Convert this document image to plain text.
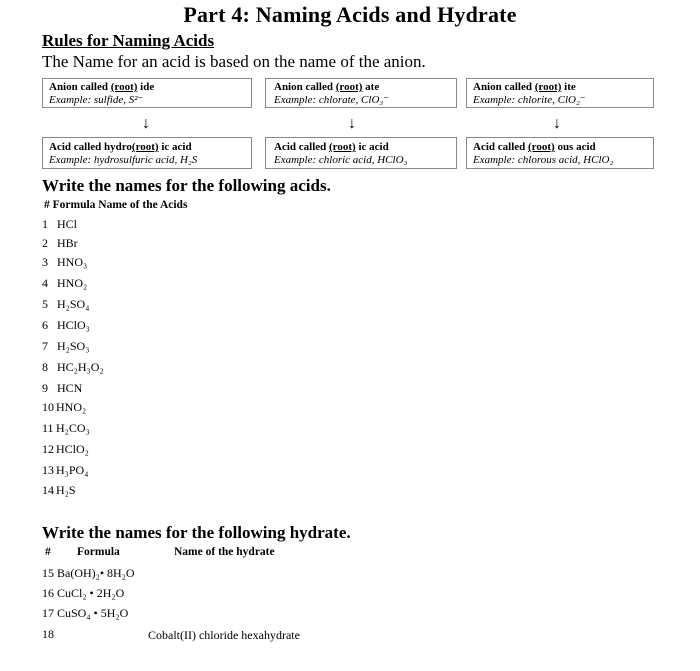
Part 4: Naming Acids and Hydrate
Rules for Naming Acids
The Name for an acid is based on the name of the anion.
Anion called (root) ide
Example: sulfide, S²⁻
↓
Acid called hydro(root) ic acid
Example: hydrosulfuric acid, H₂S
Anion called (root) ate
Example: chlorate, ClO₃⁻
↓
Acid called (root) ic acid
Example: chloric acid, HClO₃
Anion called (root) ite
Example: chlorite, ClO₂⁻
↓
Acid called (root) ous acid
Example: chlorous acid, HClO₂
Write the names for the following acids.
# Formula Name of the Acids
1 HCl
2 HBr
3 HNO₃
4 HNO₂
5 H₂SO₄
6 HClO₃
7 H₂SO₃
8 HC₂H₃O₂
9 HCN
10 HNO₂
11 H₂CO₃
12 HClO₂
13 H₃PO₄
14 H₂S
Write the names for the following hydrate.
# Formula	Name of the hydrate
15 Ba(OH)₂• 8H₂O
16 CuCl₂ • 2H₂O
17 CuSO₄ • 5H₂O
18	Cobalt(II) chloride hexahydrate
